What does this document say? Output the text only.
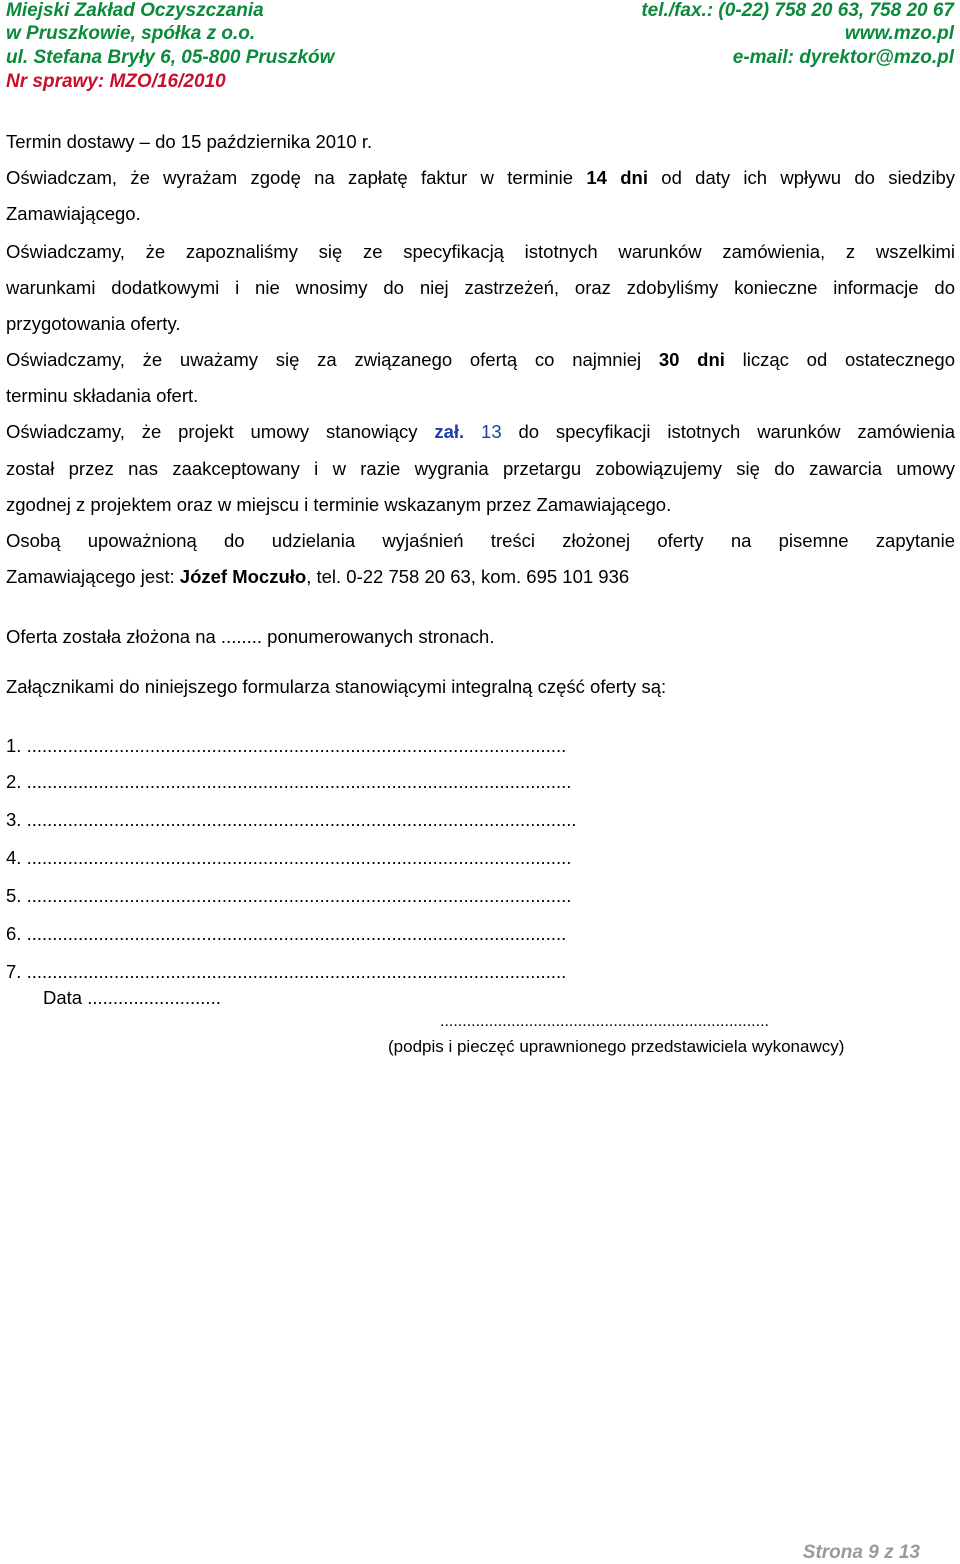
Miejski Zakład Oczyszczania
w Pruszkowie, spółka z o.o.
ul. Stefana Bryły 6, 05-800 Pruszków
Nr sprawy: MZO/16/2010
tel./fax.: (0-22) 758 20 63, 758 20 67
www.mzo.pl
e-mail: dyrektor@mzo.pl
Termin dostawy – do 15 października 2010 r.
Oświadczam, że wyrażam zgodę na zapłatę faktur w terminie 14 dni od daty ich wpływu do siedziby
Zamawiającego.
Oświadczamy, że zapoznaliśmy się ze specyfikacją istotnych warunków zamówienia, z wszelkimi
warunkami dodatkowymi i nie wnosimy do niej zastrzeżeń, oraz zdobyliśmy konieczne informacje do
przygotowania oferty.
Oświadczamy, że uważamy się za związanego ofertą co najmniej 30 dni licząc od ostatecznego
terminu składania ofert.
Oświadczamy, że projekt umowy stanowiący zał. 13 do specyfikacji istotnych warunków zamówienia
został przez nas zaakceptowany i w razie wygrania przetargu zobowiązujemy się do zawarcia umowy
zgodnej z projektem oraz w miejscu i terminie wskazanym przez Zamawiającego.
Osobą upoważnioną do udzielania wyjaśnień treści złożonej oferty na pisemne zapytanie
Zamawiającego jest: Józef Moczuło, tel. 0-22 758 20 63, kom. 695 101 936
Oferta została złożona na ........ ponumerowanych stronach.
Załącznikami do niniejszego formularza stanowiącymi integralną część oferty są:
1. .........................................................................................................
2. ..........................................................................................................
3. ...........................................................................................................
4. ..........................................................................................................
5. ..........................................................................................................
6. .........................................................................................................
7. .........................................................................................................
Data ..........................
..........................................................................
(podpis i pieczęć uprawnionego przedstawiciela wykonawcy)
Strona 9 z 13
